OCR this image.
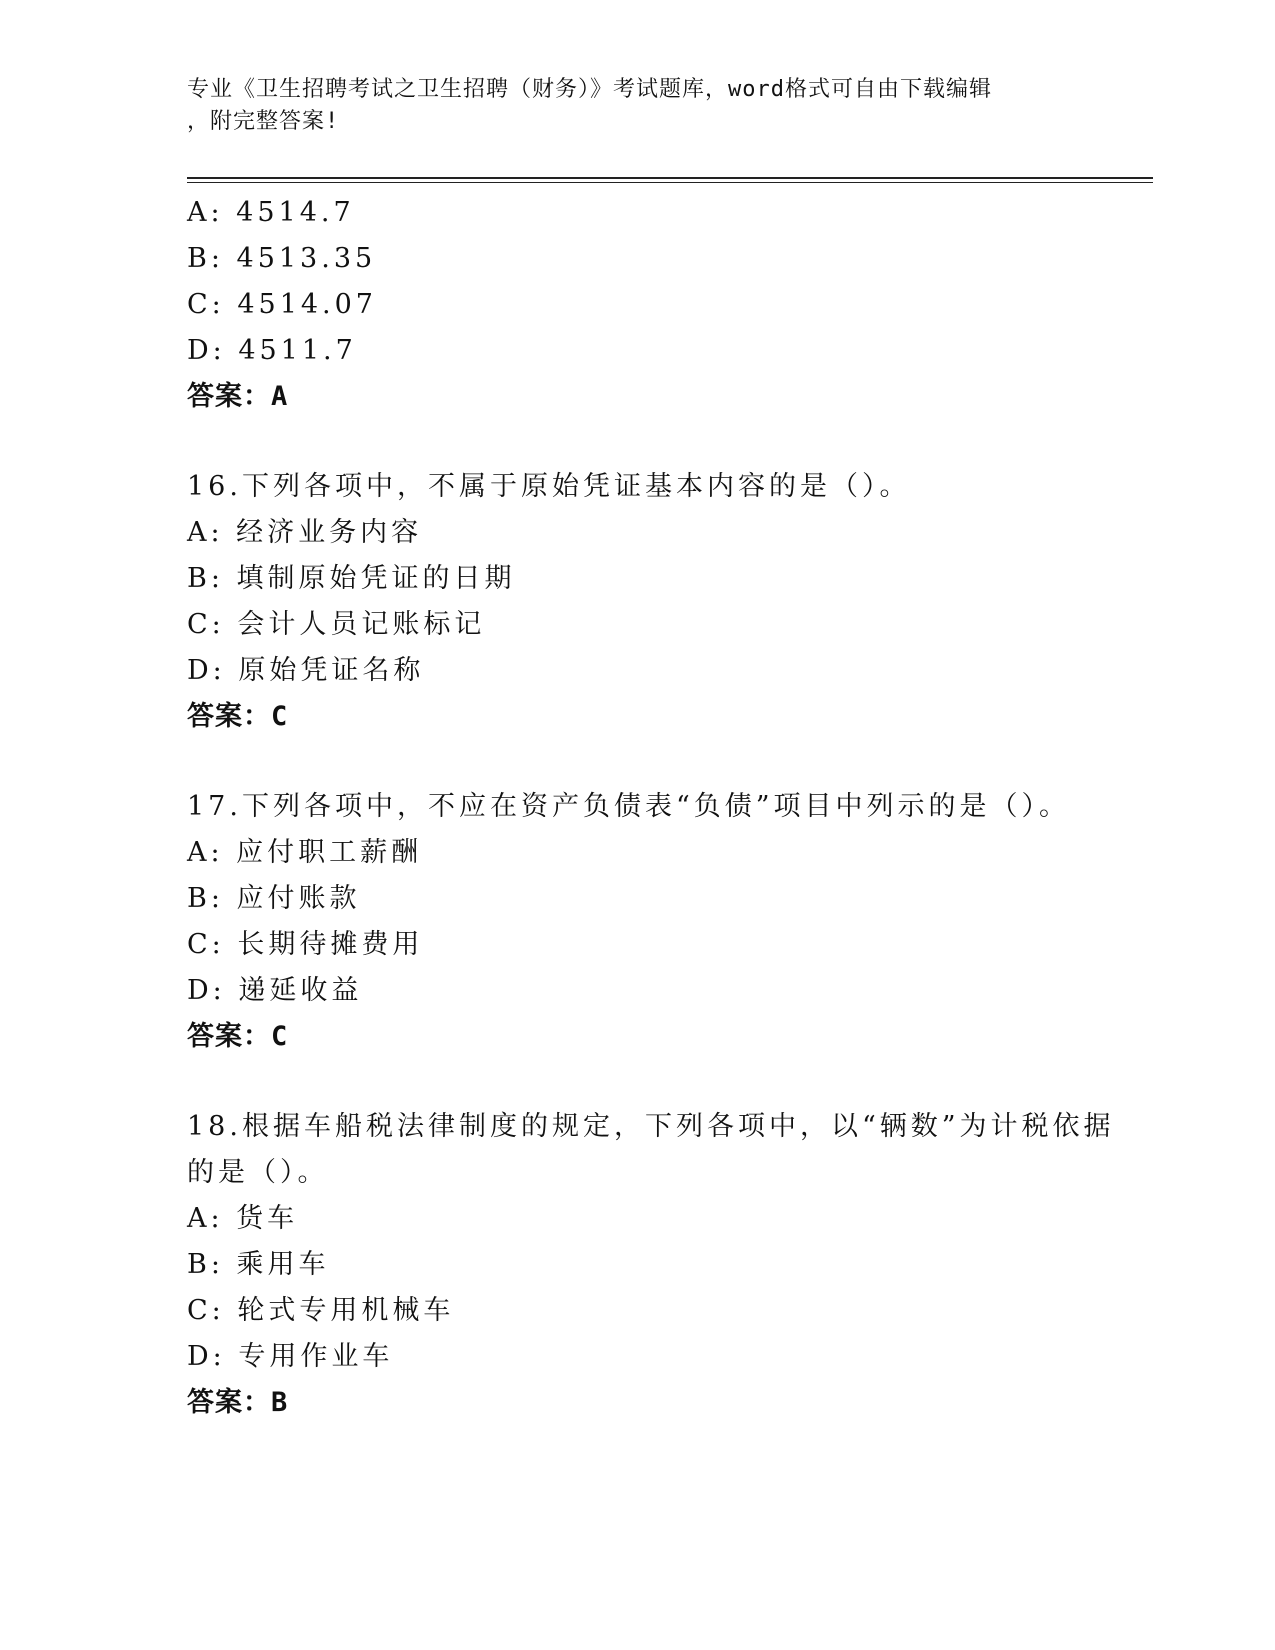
专业《卫生招聘考试之卫生招聘（财务）》考试题库，word格式可自由下载编辑
，附完整答案!
A: 4514.7
B: 4513.35
C: 4514.07
D: 4511.7
答案：A
16.下列各项中，不属于原始凭证基本内容的是（）。
A: 经济业务内容
B: 填制原始凭证的日期
C: 会计人员记账标记
D: 原始凭证名称
答案：C
17.下列各项中，不应在资产负债表“负债”项目中列示的是（）。
A: 应付职工薪酬
B: 应付账款
C: 长期待摊费用
D: 递延收益
答案：C
18.根据车船税法律制度的规定，下列各项中，以“辆数”为计税依据
的是（）。
A: 货车
B: 乘用车
C: 轮式专用机械车
D: 专用作业车
答案：B
